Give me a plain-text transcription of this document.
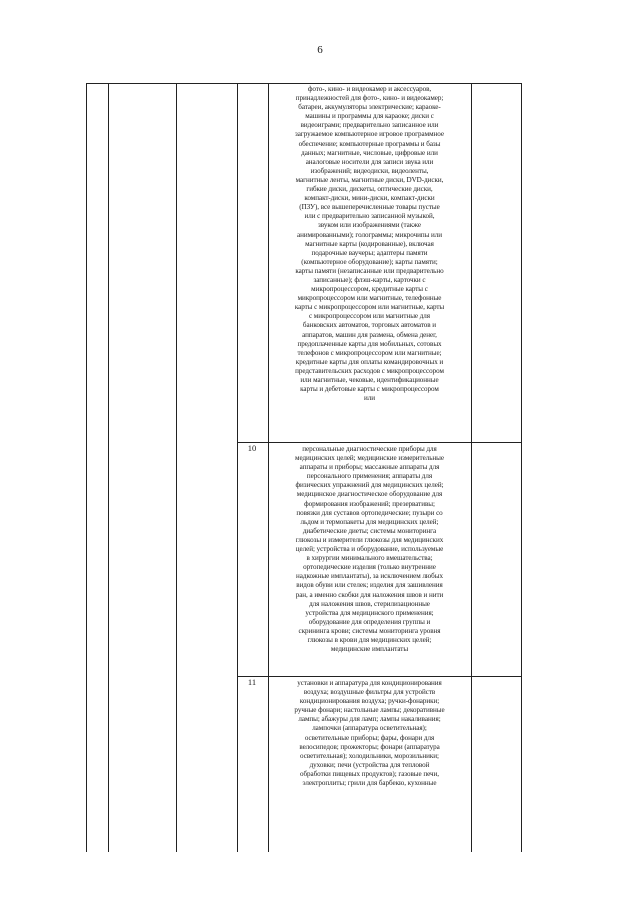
6
10
11
фото-, кино- и видеокамер и аксессуаров,
принадлежностей для фото-, кино- и видеокамер;
батареи, аккумуляторы электрические; караоке-
машины и программы для караоке; диски с
видеоиграми; предварительно записанное или
загружаемое компьютерное игровое программное
обеспечение; компьютерные программы и базы
данных; магнитные, числовые, цифровые или
аналоговые носители для записи звука или
изображений; видеодиски, видеоленты,
магнитные ленты, магнитные диски, DVD-диски,
гибкие диски, дискеты, оптические диски,
компакт-диски, мини-диски, компакт-диски
(ПЗУ), все вышеперечисленные товары пустые
или с предварительно записанной музыкой,
звуком или изображениями (также
анимированными); голограммы; микрочипы или
магнитные карты (кодированные), включая
подарочные ваучеры; адаптеры памяти
(компьютерное оборудование); карты памяти;
карты памяти (незаписанные или предварительно
записанные); флэш-карты, карточки с
микропроцессором, кредитные карты с
микропроцессором или магнитные, телефонные
карты с микропроцессором или магнитные, карты
с микропроцессором или магнитные для
банковских автоматов, торговых автоматов и
аппаратов, машин для размена, обмена денег,
предоплаченные карты для мобильных, сотовых
телефонов с микропроцессором или магнитные;
кредитные карты для оплаты командировочных и
представительских расходов с микропроцессором
или магнитные, чековые, идентификационные
карты и дебетовые карты с микропроцессором
или
персональные диагностические приборы для
медицинских целей; медицинские измерительные
аппараты и приборы; массажные аппараты для
персонального применения; аппараты для
физических упражнений для медицинских целей;
медицинское диагностическое оборудование для
формирования изображений; презервативы;
повязки для суставов ортопедические; пузыри со
льдом и термопакеты для медицинских целей;
диабетические диеты; системы мониторинга
глюкозы и измерители глюкозы для медицинских
целей; устройства и оборудование, используемые
в хирургии минимального вмешательства;
ортопедические изделия (только внутренние
надкожные имплантаты), за исключением любых
видов обуви или стелек; изделия для зашивления
ран, а именно скобки для наложения швов и нити
для наложения швов, стерилизационные
устройства для медицинского применения;
оборудование для определения группы и
скрининга крови; системы мониторинга уровня
глюкозы в крови для медицинских целей;
медицинские имплантаты
установки и аппаратура для кондиционирования
воздуха; воздушные фильтры для устройств
кондиционирования воздуха; ручки-фонарики;
ручные фонари; настольные лампы; декоративные
лампы; абажуры для ламп; лампы накаливания;
лампочки (аппаратура осветительная);
осветительные приборы; фары, фонари для
велосипедов; прожекторы; фонари (аппаратура
осветительная); холодильники, морозильники;
духовки; печи (устройства для тепловой
обработки пищевых продуктов); газовые печи,
электроплиты; грили для барбекю, кухонные
